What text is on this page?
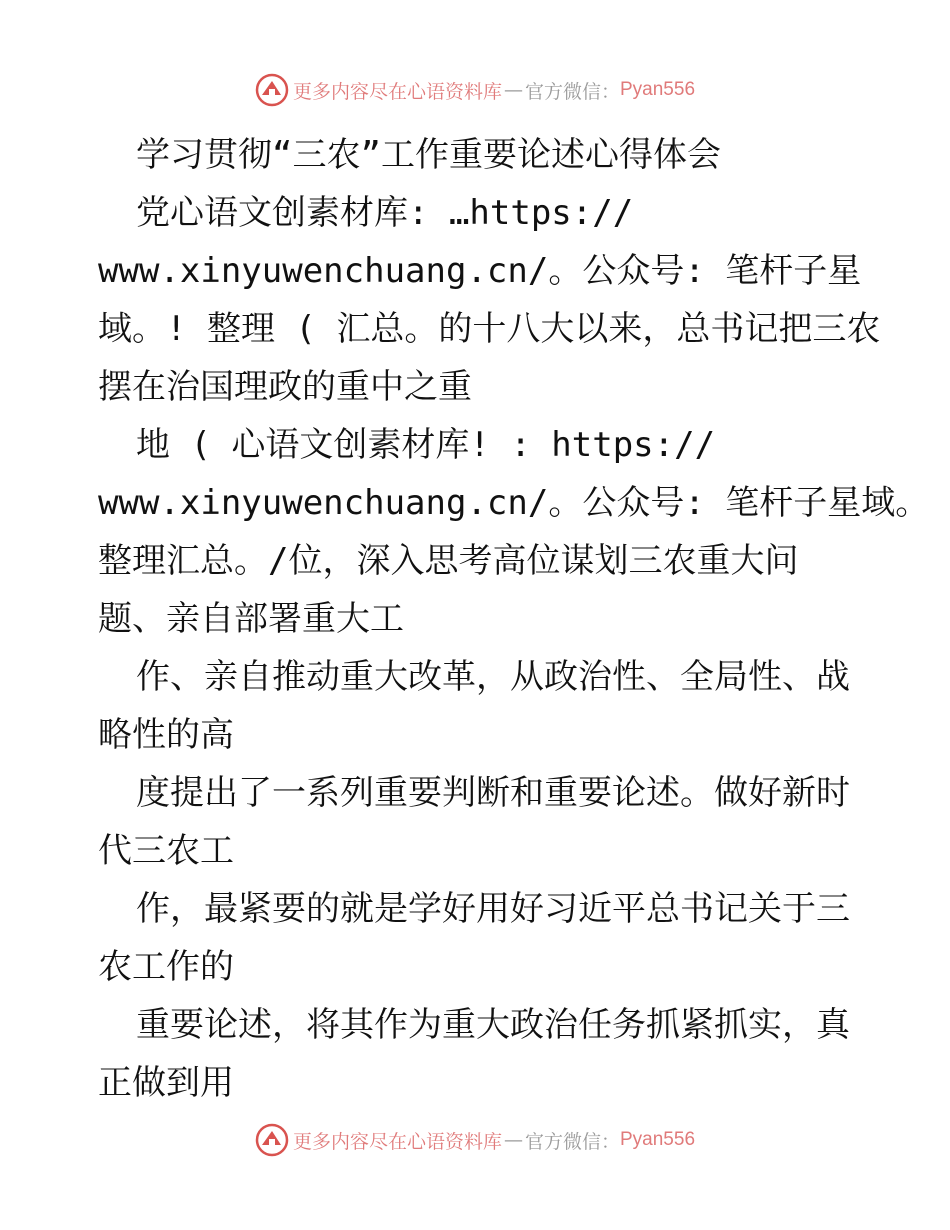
更多内容尽在心语资料库 — 官方微信： Pyan556
学习贯彻“三农”工作重要论述心得体会
党心语文创素材库: …https://
www.xinyuwenchuang.cn/。公众号: 笔杆子星
域。! 整理 ( 汇总。的十八大以来，总书记把三农
摆在治国理政的重中之重
地 ( 心语文创素材库! : https://
www.xinyuwenchuang.cn/。公众号: 笔杆子星域。
整理汇总。/位，深入思考高位谋划三农重大问
题、亲自部署重大工
作、亲自推动重大改革，从政治性、全局性、战
略性的高
度提出了一系列重要判断和重要论述。做好新时
代三农工
作，最紧要的就是学好用好习近平总书记关于三
农工作的
重要论述，将其作为重大政治任务抓紧抓实，真
正做到用
更多内容尽在心语资料库 — 官方微信： Pyan556
